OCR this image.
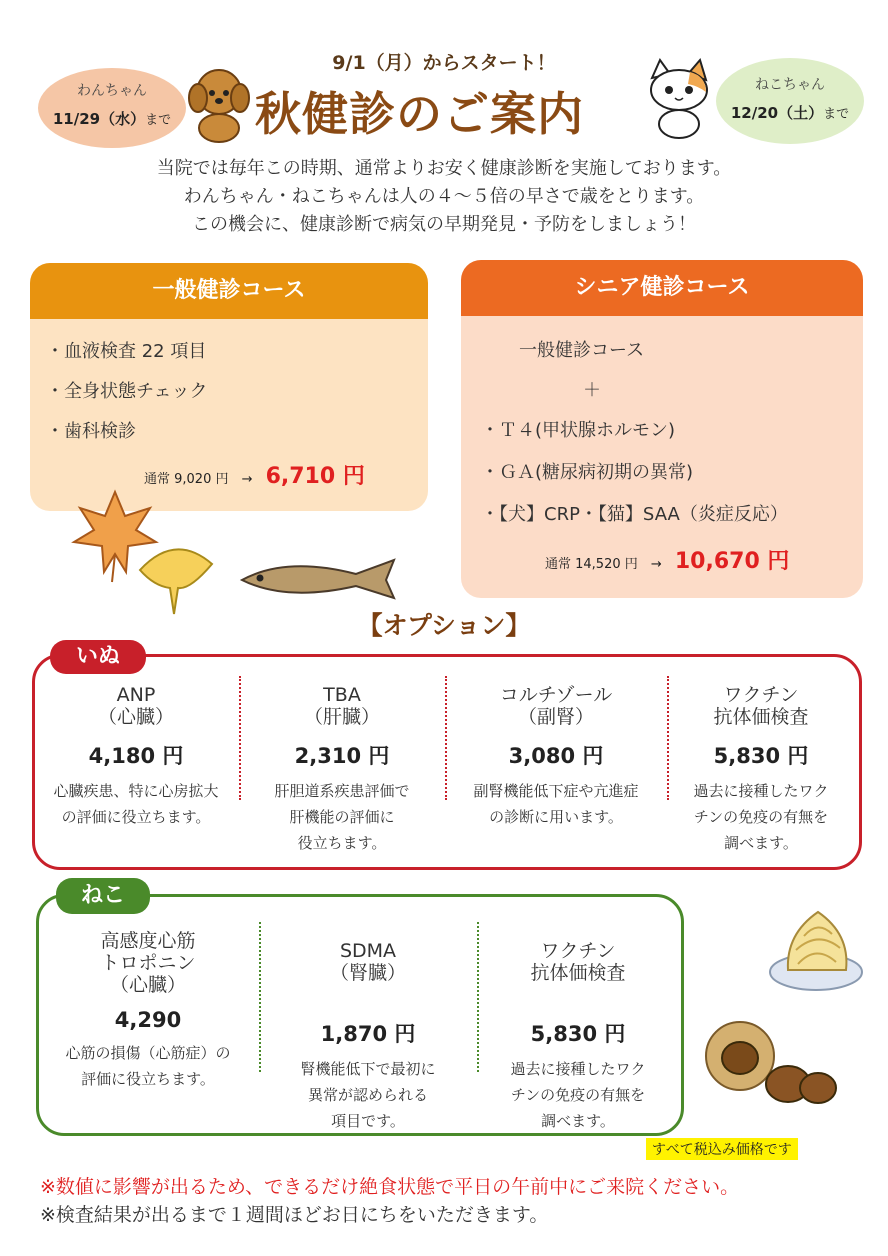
9/1（月）からスタート！
わんちゃん
11/29（水）まで	秋健診のご案内
ねこちゃん
12/20（土）まで
当院では毎年この時期、通常よりお安く健康診断を実施しております。
わんちゃん・ねこちゃんは人の４～５倍の早さで歳をとります。
この機会に、健康診断で病気の早期発見・予防をしましょう！
一般健診コース
・血液検査 22 項目
・全身状態チェック
・歯科検診
通常 9,020 円 → 6,710 円
シニア健診コース
一般健診コース
＋
・Ｔ４(甲状腺ホルモン)
・ＧＡ(糖尿病初期の異常)
・【犬】CRP・【猫】SAA（炎症反応）
通常 14,520 円 → 10,670 円
【オプション】
いぬ
ANP
（心臓）
4,180 円
心臓疾患、特に心房拡大
の評価に役立ちます。
TBA
（肝臓）
2,310 円
肝胆道系疾患評価で
肝機能の評価に
役立ちます。
コルチゾール
（副腎）
3,080 円
副腎機能低下症や亢進症
の診断に用います。
ワクチン
抗体価検査
5,830 円
過去に接種したワク
チンの免疫の有無を
調べます。
ねこ
高感度心筋
トロポニン
（心臓）
4,290
心筋の損傷（心筋症）の
評価に役立ちます。
SDMA
（腎臓）
1,870 円
腎機能低下で最初に
異常が認められる
項目です。
ワクチン
抗体価検査
5,830 円
過去に接種したワク
チンの免疫の有無を
調べます。
すべて税込み価格です
※数値に影響が出るため、できるだけ絶食状態で平日の午前中にご来院ください。
※検査結果が出るまで１週間ほどお日にちをいただきます。
